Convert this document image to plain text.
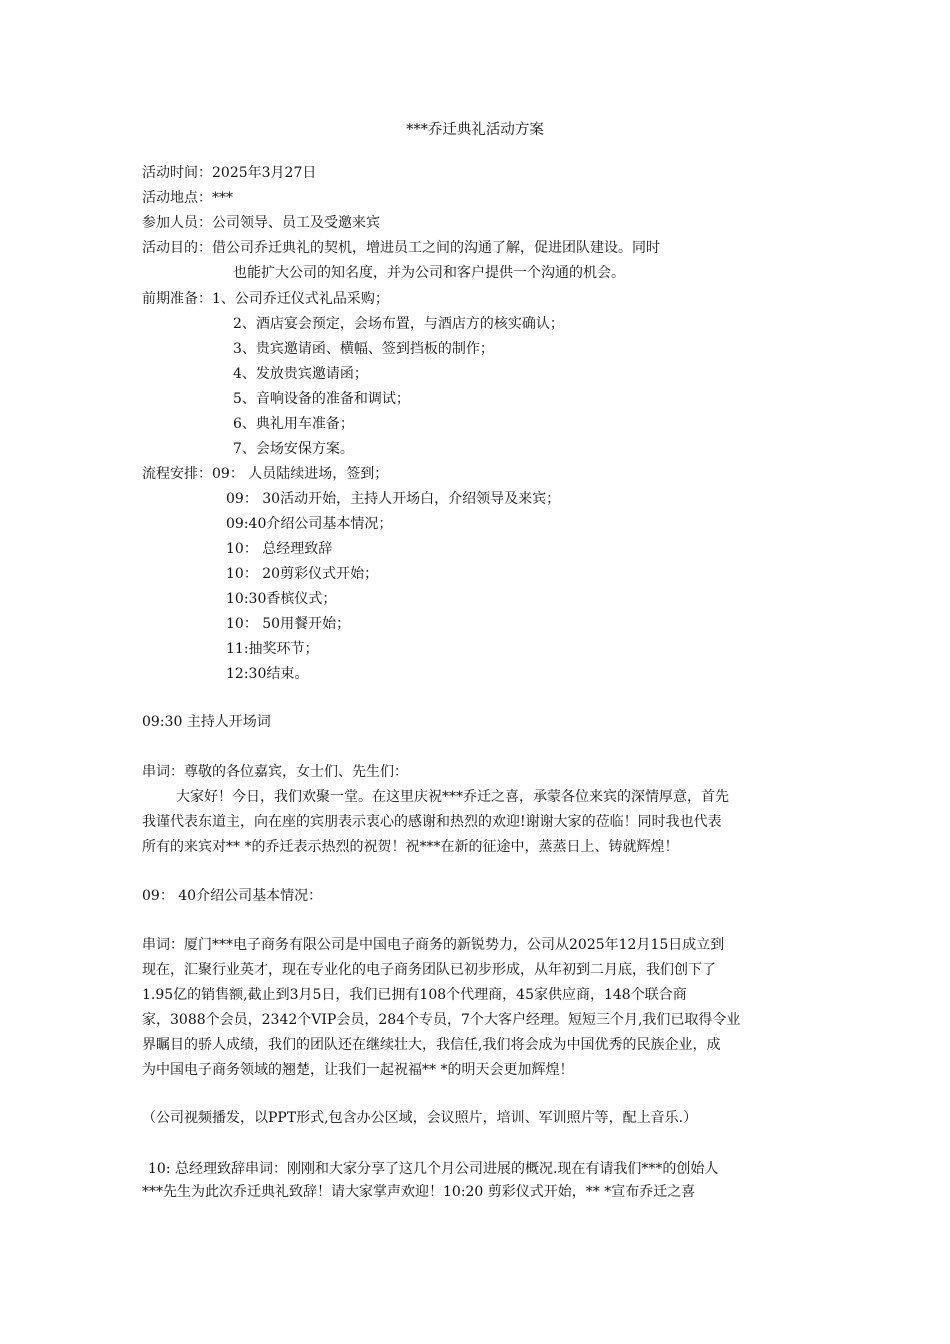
***乔迁典礼活动方案
活动时间：2025年3月27日
活动地点：***
参加人员：公司领导、员工及受邀来宾
活动目的：借公司乔迁典礼的契机，增进员工之间的沟通了解，促进团队建设。同时
也能扩大公司的知名度，并为公司和客户提供一个沟通的机会。
前期准备：1、公司乔迁仪式礼品采购；
2、酒店宴会预定，会场布置，与酒店方的核实确认；
3、贵宾邀请函、横幅、签到挡板的制作；
4、发放贵宾邀请函；
5、音响设备的准备和调试；
6、典礼用车准备；
7、会场安保方案。
流程安排：09： 人员陆续进场，签到；
09： 30活动开始，主持人开场白，介绍领导及来宾；
09:40介绍公司基本情况；
10： 总经理致辞
10： 20剪彩仪式开始；
10:30香槟仪式；
10： 50用餐开始；
11:抽奖环节；
12:30结束。
09:30 主持人开场词
串词：尊敬的各位嘉宾，女士们、先生们：
大家好！今日，我们欢聚一堂。在这里庆祝***乔迁之喜，承蒙各位来宾的深情厚意，首先
我谨代表东道主，向在座的宾朋表示衷心的感谢和热烈的欢迎!谢谢大家的莅临！同时我也代表
所有的来宾对** *的乔迁表示热烈的祝贺！祝***在新的征途中，蒸蒸日上、铸就辉煌！
09： 40介绍公司基本情况：
串词：厦门***电子商务有限公司是中国电子商务的新锐势力，公司从2025年12月15日成立到
现在，汇聚行业英才，现在专业化的电子商务团队已初步形成，从年初到二月底，我们创下了
1.95亿的销售额,截止到3月5日，我们已拥有108个代理商，45家供应商，148个联合商
家，3088个会员，2342个VIP会员，284个专员，7个大客户经理。短短三个月,我们已取得令业
界瞩目的骄人成绩，我们的团队还在继续壮大，我信任,我们将会成为中国优秀的民族企业，成
为中国电子商务领域的翘楚，让我们一起祝福** *的明天会更加辉煌！
（公司视频播发，以PPT形式,包含办公区域，会议照片，培训、军训照片等，配上音乐.）
10: 总经理致辞串词：刚刚和大家分享了这几个月公司进展的概况.现在有请我们***的创始人
***先生为此次乔迁典礼致辞！请大家掌声欢迎！10:20 剪彩仪式开始，** *宣布乔迁之喜
